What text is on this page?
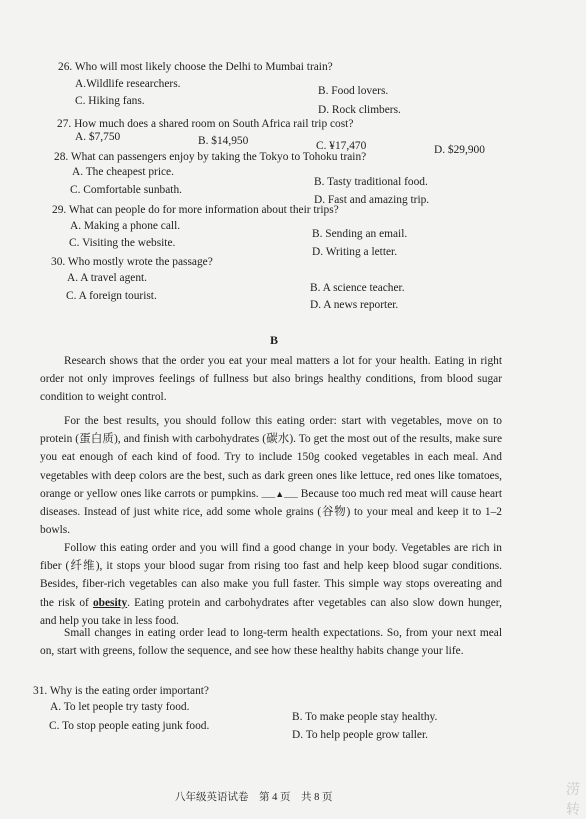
26. Who will most likely choose the Delhi to Mumbai train?
A.Wildlife researchers.
B. Food lovers.
C. Hiking fans.
D. Rock climbers.
27. How much does a shared room on South Africa rail trip cost?
A. $7,750	B. $14,950	C. ¥17,470	D. $29,900
28. What can passengers enjoy by taking the Tokyo to Tohoku train?
A. The cheapest price.
B. Tasty traditional food.
C. Comfortable sunbath.
D. Fast and amazing trip.
29. What can people do for more information about their trips?
A. Making a phone call.
B. Sending an email.
C. Visiting the website.
D. Writing a letter.
30. Who mostly wrote the passage?
A. A travel agent.
B. A science teacher.
C. A foreign tourist.
D. A news reporter.
B
Research shows that the order you eat your meal matters a lot for your health. Eating in right order not only improves feelings of fullness but also brings healthy conditions, from blood sugar condition to weight control.
For the best results, you should follow this eating order: start with vegetables, move on to protein (蛋白质), and finish with carbohydrates (碳水). To get the most out of the results, make sure you eat enough of each kind of food. Try to include 150g cooked vegetables in each meal. And vegetables with deep colors are the best, such as dark green ones like lettuce, red ones like tomatoes, orange or yellow ones like carrots or pumpkins. ___▲___ Because too much red meat will cause heart diseases. Instead of just white rice, add some whole grains (谷物) to your meal and keep it to 1–2 bowls.
Follow this eating order and you will find a good change in your body. Vegetables are rich in fiber (纤维), it stops your blood sugar from rising too fast and help keep blood sugar conditions. Besides, fiber-rich vegetables can also make you full faster. This simple way stops overeating and the risk of obesity. Eating protein and carbohydrates after vegetables can also slow down hunger, and help you take in less food.
Small changes in eating order lead to long-term health expectations. So, from your next meal on, start with greens, follow the sequence, and see how these healthy habits change your life.
31. Why is the eating order important?
A. To let people try tasty food.
B. To make people stay healthy.
C. To stop people eating junk food.
D. To help people grow taller.
八年级英语试卷　第 4 页　共 8 页	涝
转
